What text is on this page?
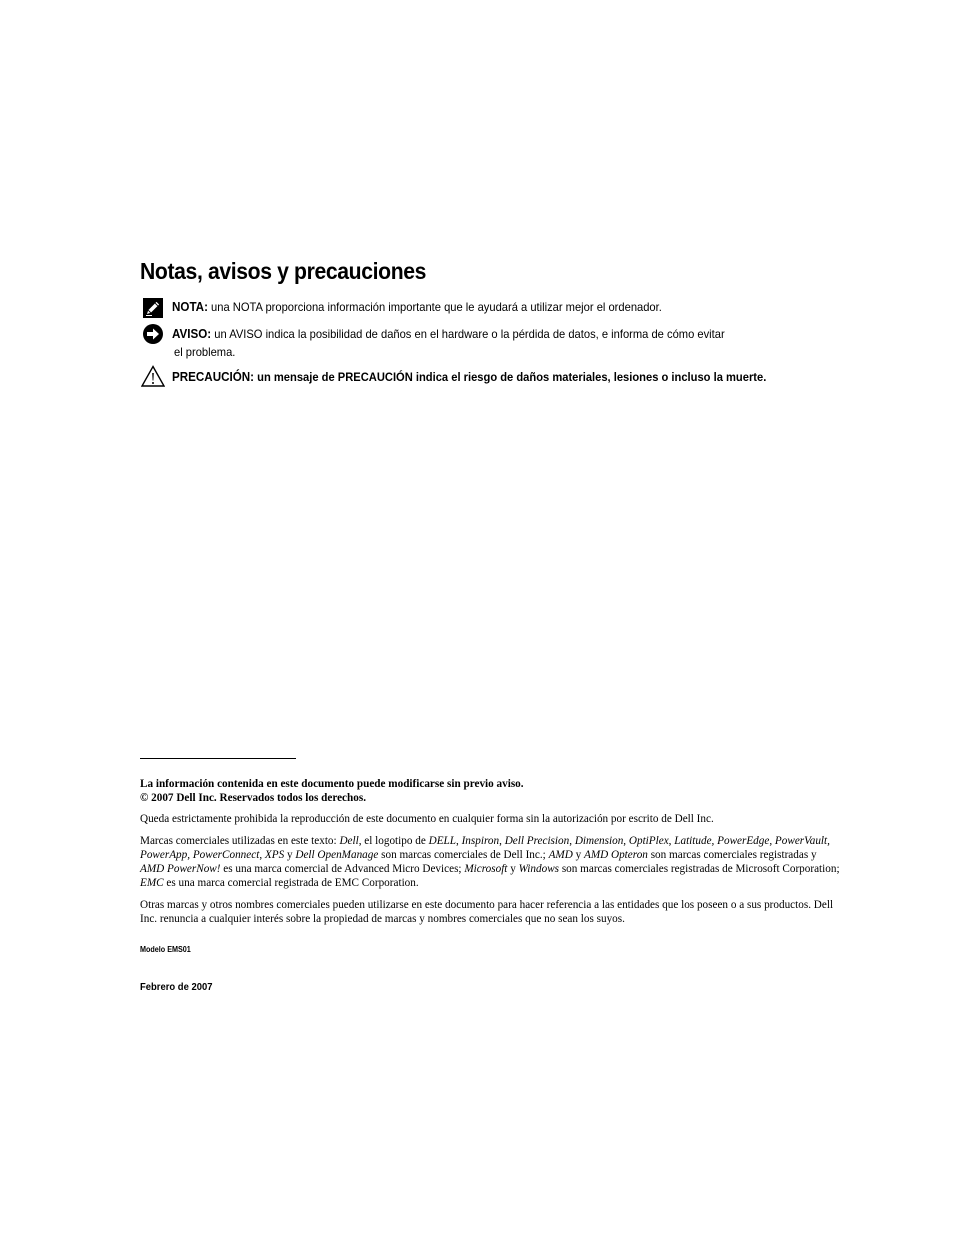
Notas, avisos y precauciones
NOTA: una NOTA proporciona información importante que le ayudará a utilizar mejor el ordenador.
AVISO: un AVISO indica la posibilidad de daños en el hardware o la pérdida de datos, e informa de cómo evitar
el problema.
PRECAUCIÓN: un mensaje de PRECAUCIÓN indica el riesgo de daños materiales, lesiones o incluso la muerte.
La información contenida en este documento puede modificarse sin previo aviso.
© 2007 Dell Inc. Reservados todos los derechos.
Queda estrictamente prohibida la reproducción de este documento en cualquier forma sin la autorización por escrito de Dell Inc.
Marcas comerciales utilizadas en este texto: Dell, el logotipo de DELL, Inspiron, Dell Precision, Dimension, OptiPlex, Latitude, PowerEdge, PowerVault, PowerApp, PowerConnect, XPS y Dell OpenManage son marcas comerciales de Dell Inc.; AMD y AMD Opteron son marcas comerciales registradas y AMD PowerNow! es una marca comercial de Advanced Micro Devices; Microsoft y Windows son marcas comerciales registradas de Microsoft Corporation; EMC es una marca comercial registrada de EMC Corporation.
Otras marcas y otros nombres comerciales pueden utilizarse en este documento para hacer referencia a las entidades que los poseen o a sus productos. Dell Inc. renuncia a cualquier interés sobre la propiedad de marcas y nombres comerciales que no sean los suyos.
Modelo EMS01
Febrero de 2007
